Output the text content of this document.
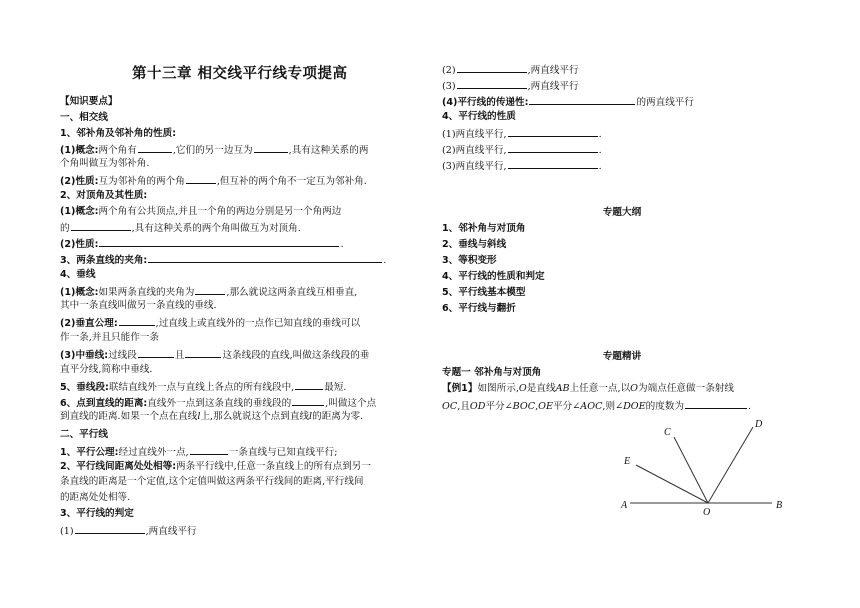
第十三章 相交线平行线专项提高
【知识要点】
一、相交线
1、邻补角及邻补角的性质:
(1)概念:两个角有	,它们的另一边互为	,具有这种关系的两
个角叫做互为邻补角.
(2)性质:互为邻补角的两个角	,但互补的两个角不一定互为邻补角.
2、对顶角及其性质:
(1)概念:两个角有公共顶点,并且一个角的两边分别是另一个角两边
的	,具有这种关系的两个角叫做互为对顶角.
(2)性质:	.
3、两条直线的夹角:	.
4、垂线
(1)概念:如果两条直线的夹角为	,那么就说这两条直线互相垂直,
其中一条直线叫做另一条直线的垂线.
(2)垂直公理:	,过直线上或直线外的一点作已知直线的垂线可以
作一条,并且只能作一条
(3)中垂线:过线段	且	这条线段的直线,叫做这条线段的垂
直平分线,简称中垂线.
5、垂线段:联结直线外一点与直线上各点的所有线段中,	最短.
6、点到直线的距离:直线外一点到这条直线的垂线段的	,叫做这个点
到直线的距离.如果一个点在直线l上,那么就说这个点到直线l的距离为零.
二、平行线
1、平行公理:经过直线外一点,	一条直线与已知直线平行;
2、平行线间距离处处相等:两条平行线中,任意一条直线上的所有点到另一
条直线的距离是一个定值,这个定值叫做这两条平行线间的距离,平行线间
的距离处处相等.
3、平行线的判定
(1)	,两直线平行
(2)	,两直线平行
(3)	,两直线平行
(4)平行线的传递性:	的两直线平行
4、平行线的性质
(1)两直线平行,	.
(2)两直线平行,	.
(3)两直线平行,	.
专题大纲
1、邻补角与对顶角
2、垂线与斜线
3、等积变形
4、平行线的性质和判定
5、平行线基本模型
6、平行线与翻折
专题精讲
专题一 邻补角与对顶角
【例1】如图所示,O是直线AB上任意一点,以O为端点任意做一条射线
OC,且OD平分∠BOC,OE平分∠AOC,则∠DOE的度数为	.
A	B
O
C
D
E
